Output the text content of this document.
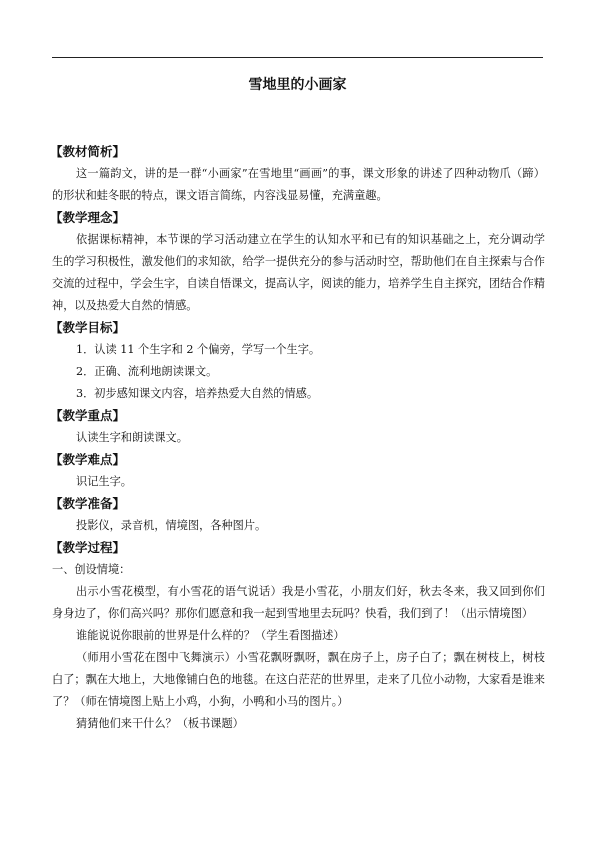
雪地里的小画家
【教材简析】
这一篇韵文，讲的是一群“小画家”在雪地里“画画”的事，课文形象的讲述了四种动物爪（蹄）的形状和蛙冬眠的特点，课文语言简练，内容浅显易懂，充满童趣。
【教学理念】
依据课标精神，本节课的学习活动建立在学生的认知水平和已有的知识基础之上，充分调动学生的学习积极性，激发他们的求知欲，给学一提供充分的参与活动时空，帮助他们在自主探索与合作交流的过程中，学会生字，自读自悟课文，提高认字，阅读的能力，培养学生自主探究，团结合作精神，以及热爱大自然的情感。
【教学目标】
1．认读 11 个生字和 2 个偏旁，学写一个生字。
2．正确、流利地朗读课文。
3．初步感知课文内容，培养热爱大自然的情感。
【教学重点】
认读生字和朗读课文。
【教学难点】
识记生字。
【教学准备】
投影仪，录音机，情境图，各种图片。
【教学过程】
一、创设情境：
出示小雪花模型，有小雪花的语气说话）我是小雪花，小朋友们好，秋去冬来，我又回到你们身身边了，你们高兴吗？那你们愿意和我一起到雪地里去玩吗？快看，我们到了！（出示情境图）
谁能说说你眼前的世界是什么样的？（学生看图描述）
（师用小雪花在图中飞舞演示）小雪花飘呀飘呀，飘在房子上，房子白了；飘在树枝上，树枝白了；飘在大地上，大地像铺白色的地毯。在这白茫茫的世界里，走来了几位小动物，大家看是谁来了？（师在情境图上贴上小鸡，小狗，小鸭和小马的图片。）
猜猜他们来干什么？（板书课题）
